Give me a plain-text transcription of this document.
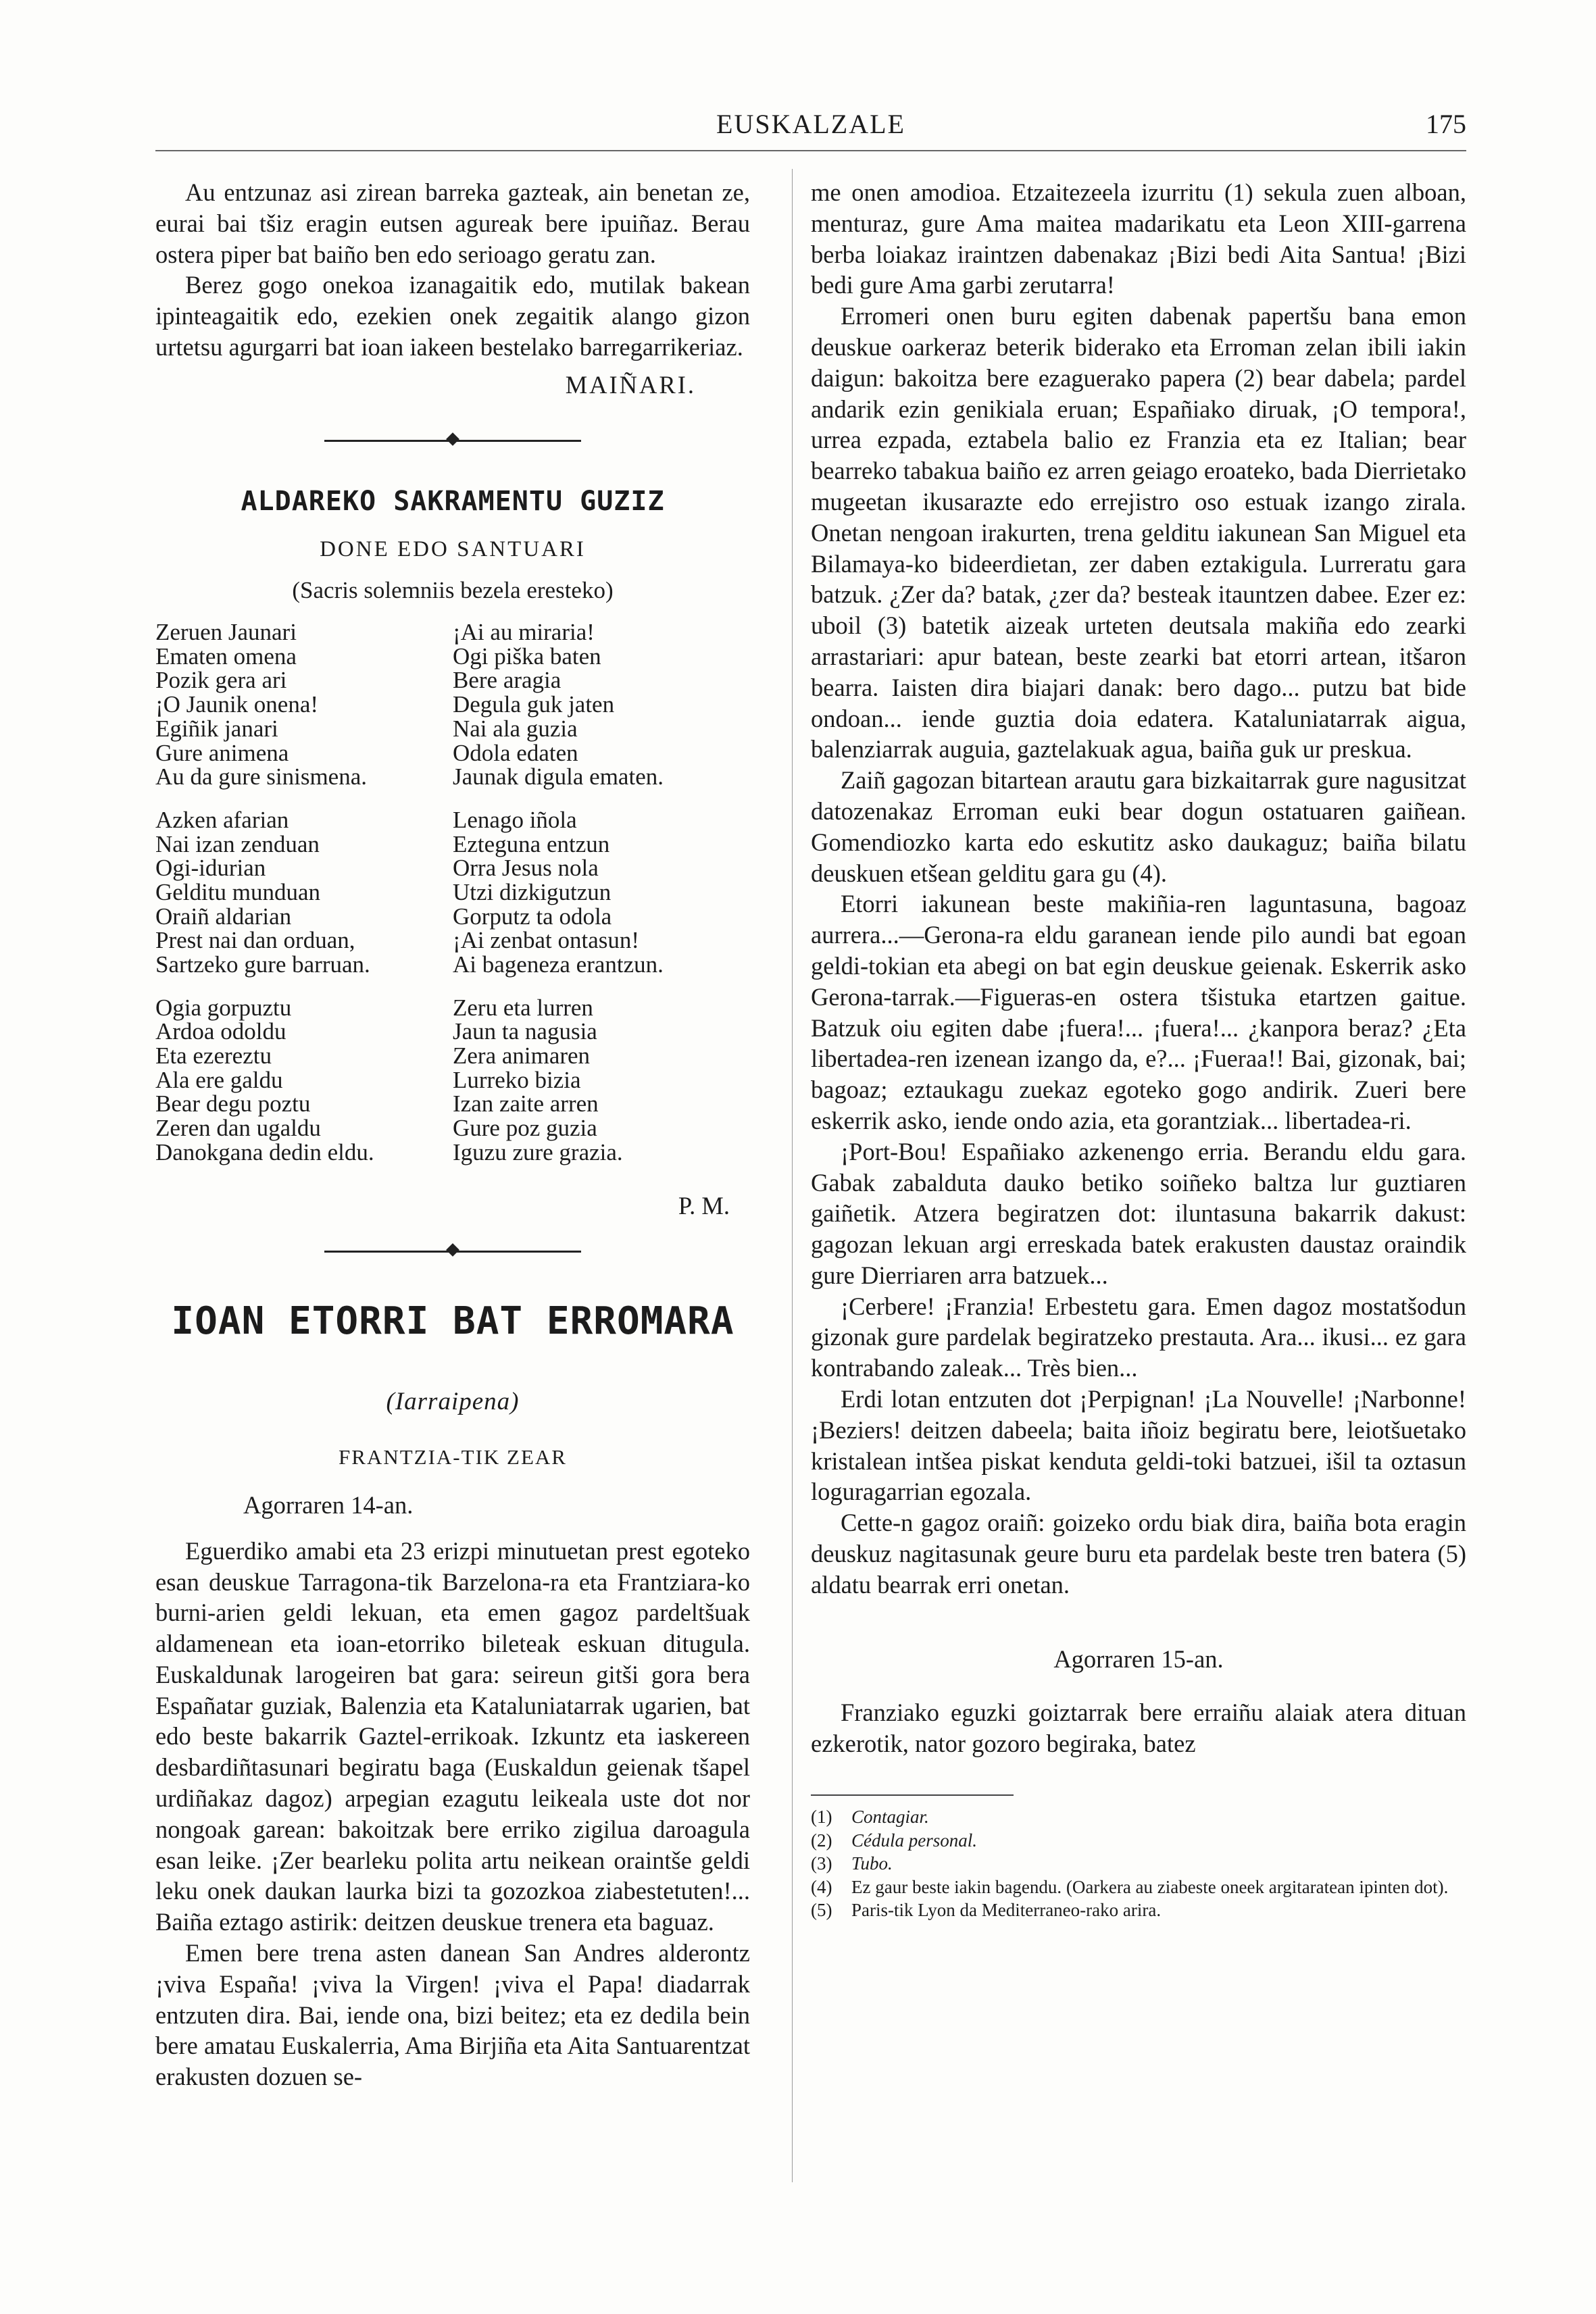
EUSKALZALE	175

Au entzunaz asi zirean barreka gazteak, ain benetan ze, eurai bai tšiz eragin eutsen agureak bere ipuiñaz. Berau ostera piper bat baiño ben edo serioago geratu zan.

Berez gogo onekoa izanagaitik edo, mutilak bakean ipinteagaitik edo, ezekien onek zegaitik alango gizon urtetsu agurgarri bat ioan iakeen bestelako barregarrikeriaz.

MAIÑARI.
ALDAREKO SAKRAMENTU GUZIZ
DONE EDO SANTUARI
(Sacris solemniis bezela eresteko)
Zeruen Jaunari
Ematen omena
Pozik gera ari
¡O Jaunik onena!
Egiñik janari
Gure animena
Au da gure sinismena.
Azken afarian
Nai izan zenduan
Ogi-idurian
Gelditu munduan
Oraiñ aldarian
Prest nai dan orduan,
Sartzeko gure barruan.
Ogia gorpuztu
Ardoa odoldu
Eta ezereztu
Ala ere galdu
Bear degu poztu
Zeren dan ugaldu
Danokgana dedin eldu.
¡Ai au miraria!
Ogi piška baten
Bere aragia
Degula guk jaten
Nai ala guzia
Odola edaten
Jaunak digula ematen.
Lenago iñola
Ezteguna entzun
Orra Jesus nola
Utzi dizkigutzun
Gorputz ta odola
¡Ai zenbat ontasun!
Ai bageneza erantzun.
Zeru eta lurren
Jaun ta nagusia
Zera animaren
Lurreko bizia
Izan zaite arren
Gure poz guzia
Iguzu zure grazia.
P. M.
IOAN ETORRI BAT ERROMARA
(Iarraipena)
FRANTZIA-TIK ZEAR
Agorraren 14-an.

Eguerdiko amabi eta 23 erizpi minutuetan prest egoteko esan deuskue Tarragona-tik Barzelona-ra eta Frantziara-ko burni-arien geldi lekuan, eta emen gagoz pardeltšuak aldamenean eta ioan-etorriko bileteak eskuan ditugula. Euskaldunak larogeiren bat gara: seireun gitši gora bera Españatar guziak, Balenzia eta Kataluniatarrak ugarien, bat edo beste bakarrik Gaztel-errikoak. Izkuntz eta iaskereen desbardiñtasunari begiratu baga (Euskaldun geienak tšapel urdiñakaz dagoz) arpegian ezagutu leikeala uste dot nor nongoak garean: bakoitzak bere erriko zigilua daroagula esan leike. ¡Zer bearleku polita artu neikean oraintše geldi leku onek daukan laurka bizi ta gozozkoa ziabestetuten!... Baiña eztago astirik: deitzen deuskue trenera eta baguaz.

Emen bere trena asten danean San Andres alderontz ¡viva España! ¡viva la Virgen! ¡viva el Papa! diadarrak entzuten dira. Bai, iende ona, bizi beitez; eta ez dedila bein bere amatau Euskalerria, Ama Birjiña eta Aita Santuarentzat erakusten dozuen se-

me onen amodioa. Etzaitezeela izurritu (1) sekula zuen alboan, menturaz, gure Ama maitea madarikatu eta Leon XIII-garrena berba loiakaz iraintzen dabenakaz ¡Bizi bedi Aita Santua! ¡Bizi bedi gure Ama garbi zerutarra!

Erromeri onen buru egiten dabenak papertšu bana emon deuskue oarkeraz beterik biderako eta Erroman zelan ibili iakin daigun: bakoitza bere ezaguerako papera (2) bear dabela; pardel andarik ezin genikiala eruan; Españiako diruak, ¡O tempora!, urrea ezpada, eztabela balio ez Franzia eta ez Italian; bear bearreko tabakua baiño ez arren geiago eroateko, bada Dierrietako mugeetan ikusarazte edo errejistro oso estuak izango zirala. Onetan nengoan irakurten, trena gelditu iakunean San Miguel eta Bilamaya-ko bideerdietan, zer daben eztakigula. Lurreratu gara batzuk. ¿Zer da? batak, ¿zer da? besteak itauntzen dabee. Ezer ez: uboil (3) batetik aizeak urteten deutsala makiña edo zearki arrastariari: apur batean, beste zearki bat etorri artean, itšaron bearra. Iaisten dira biajari danak: bero dago... putzu bat bide ondoan... iende guztia doia edatera. Kataluniatarrak aigua, balenziarrak auguia, gaztelakuak agua, baiña guk ur preskua.

Zaiñ gagozan bitartean arautu gara bizkaitarrak gure nagusitzat datozenakaz Erroman euki bear dogun ostatuaren gaiñean. Gomendiozko karta edo eskutitz asko daukaguz; baiña bilatu deuskuen etšean gelditu gara gu (4).

Etorri iakunean beste makiñia-ren laguntasuna, bagoaz aurrera...—Gerona-ra eldu garanean iende pilo aundi bat egoan geldi-tokian eta abegi on bat egin deuskue geienak. Eskerrik asko Gerona-tarrak.—Figueras-en ostera tšistuka etartzen gaitue. Batzuk oiu egiten dabe ¡fuera!... ¡fuera!... ¿kanpora beraz? ¿Eta libertadea-ren izenean izango da, e?... ¡Fueraa!! Bai, gizonak, bai; bagoaz; eztaukagu zuekaz egoteko gogo andirik. Zueri bere eskerrik asko, iende ondo azia, eta gorantziak... libertadea-ri.

¡Port-Bou! Españiako azkenengo erria. Berandu eldu gara. Gabak zabalduta dauko betiko soiñeko baltza lur guztiaren gaiñetik. Atzera begiratzen dot: iluntasuna bakarrik dakust: gagozan lekuan argi erreskada batek erakusten daustaz oraindik gure Dierriaren arra batzuek...

¡Cerbere! ¡Franzia! Erbestetu gara. Emen dagoz mostatšodun gizonak gure pardelak begiratzeko prestauta. Ara... ikusi... ez gara kontrabando zaleak... Très bien...

Erdi lotan entzuten dot ¡Perpignan! ¡La Nouvelle! ¡Narbonne! ¡Beziers! deitzen dabeela; baita iñoiz begiratu bere, leiotšuetako kristalean intšea piskat kenduta geldi-toki batzuei, išil ta oztasun loguragarrian egozala.

Cette-n gagoz oraiñ: goizeko ordu biak dira, baiña bota eragin deuskuz nagitasunak geure buru eta pardelak beste tren batera (5) aldatu bearrak erri onetan.

Agorraren 15-an.

Franziako eguzki goiztarrak bere erraiñu alaiak atera dituan ezkerotik, nator gozoro begiraka, batez

(1)	Contagiar.
(2)	Cédula personal.
(3)	Tubo.
(4)	Ez gaur beste iakin bagendu. (Oarkera au ziabeste oneek argitaratean ipinten dot).
(5)	Paris-tik Lyon da Mediterraneo-rako arira.
